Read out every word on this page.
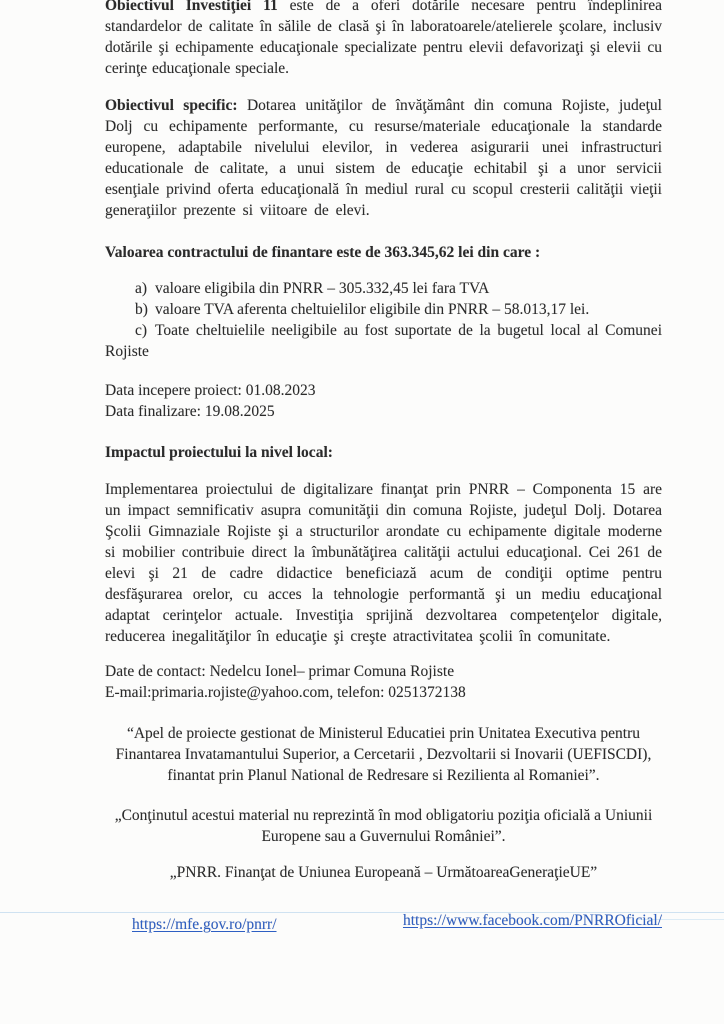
Obiectivul Investiţiei 11 este de a oferi dotările necesare pentru îndeplinirea standardelor de calitate în sălile de clasă şi în laboratoarele/atelierele şcolare, inclusiv dotările şi echipamente educaţionale specializate pentru elevii defavorizaţi şi elevii cu cerinţe educaţionale speciale.

Obiectivul specific: Dotarea unităţilor de învăţământ din comuna Rojiste, judeţul Dolj cu echipamente performante, cu resurse/materiale educaţionale la standarde europene, adaptabile nivelului elevilor, in vederea asigurarii unei infrastructuri educationale de calitate, a unui sistem de educaţie echitabil şi a unor servicii esenţiale privind oferta educaţională în mediul rural cu scopul cresterii calităţii vieţii generaţiilor prezente si viitoare de elevi.

Valoarea contractului de finantare este de 363.345,62 lei din care :

a) valoare eligibila din PNRR – 305.332,45 lei fara TVA
b) valoare TVA aferenta cheltuielilor eligibile din PNRR – 58.013,17 lei.
c) Toate cheltuielile neeligibile au fost suportate de la bugetul local al Comunei Rojiste

Data incepere proiect: 01.08.2023

Data finalizare: 19.08.2025

Impactul proiectului la nivel local:

Implementarea proiectului de digitalizare finanţat prin PNRR – Componenta 15 are un impact semnificativ asupra comunităţii din comuna Rojiste, judeţul Dolj. Dotarea Şcolii Gimnaziale Rojiste şi a structurilor arondate cu echipamente digitale moderne si mobilier contribuie direct la îmbunătăţirea calităţii actului educaţional. Cei 261 de elevi şi 21 de cadre didactice beneficiază acum de condiţii optime pentru desfăşurarea orelor, cu acces la tehnologie performantă şi un mediu educaţional adaptat cerinţelor actuale. Investiţia sprijină dezvoltarea competenţelor digitale, reducerea inegalităţilor în educaţie şi creşte atractivitatea şcolii în comunitate.

Date de contact: Nedelcu Ionel– primar Comuna Rojiste

E-mail:primaria.rojiste@yahoo.com, telefon: 0251372138

“Apel de proiecte gestionat de Ministerul Educatiei prin Unitatea Executiva pentru Finantarea Invatamantului Superior, a Cercetarii , Dezvoltarii si Inovarii (UEFISCDI), finantat prin Planul National de Redresare si Rezilienta al Romaniei”.

„Conţinutul acestui material nu reprezintă în mod obligatoriu poziţia oficială a Uniunii Europene sau a Guvernului României”.

„PNRR. Finanţat de Uniunea Europeană – UrmătoareaGeneraţieUE”

https://mfe.gov.ro/pnrr/	https://www.facebook.com/PNRROficial/
